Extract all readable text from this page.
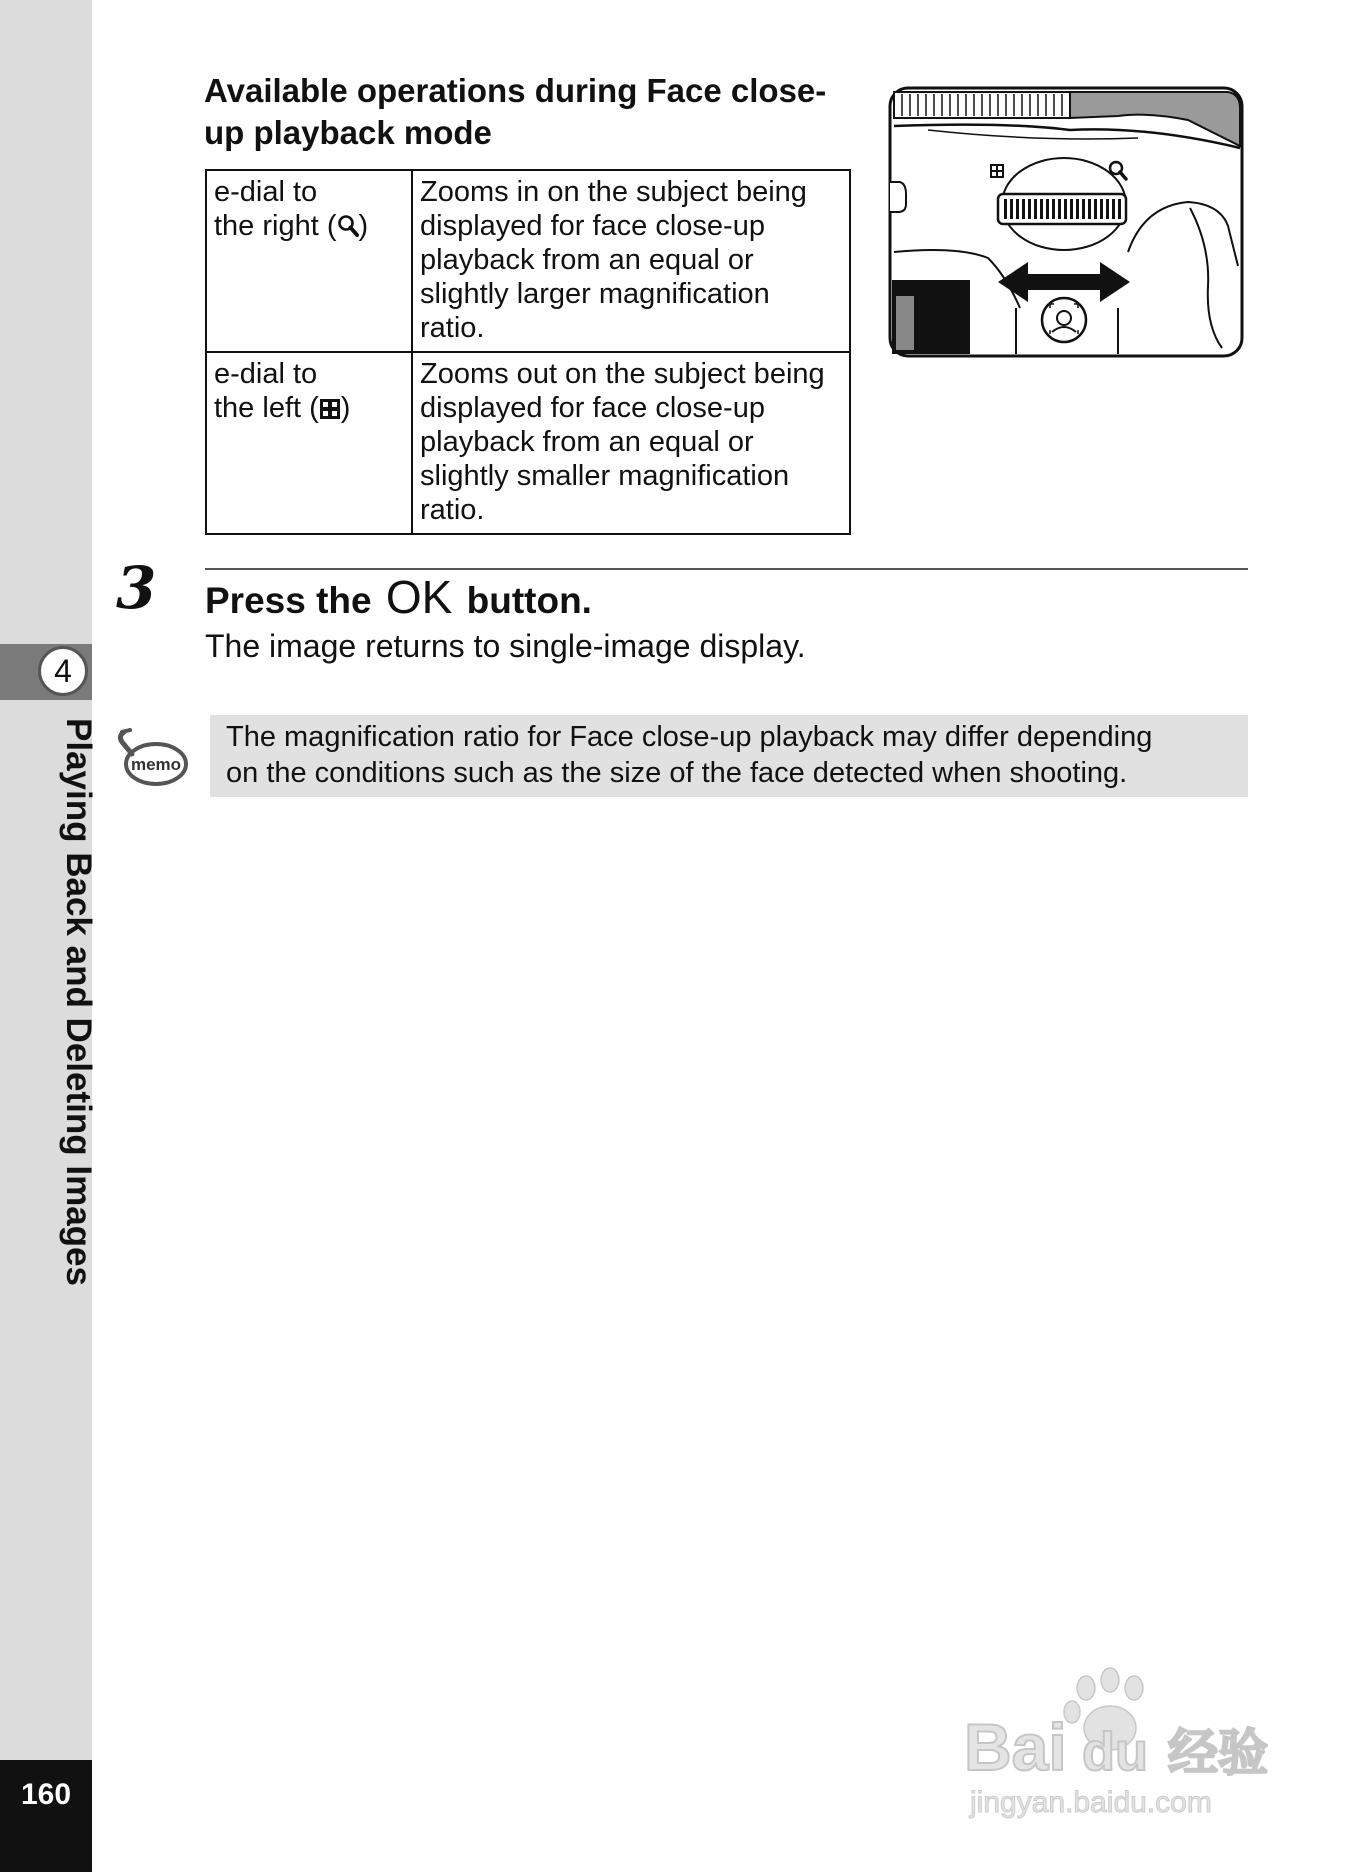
4
Playing Back and Deleting Images
160
Available operations during Face close-
up playback mode
e-dial to
the right ( )	Zooms in on the subject being displayed for face close-up playback from an equal or slightly larger magnification ratio.
e-dial to
the left ( )	Zooms out on the subject being displayed for face close-up playback from an equal or slightly smaller magnification ratio.
3 Press the OK button.
The image returns to single-image display.
memo
The magnification ratio for Face close-up playback may differ depending
on the conditions such as the size of the face detected when shooting.
Bai du 经验
jingyan.baidu.com
